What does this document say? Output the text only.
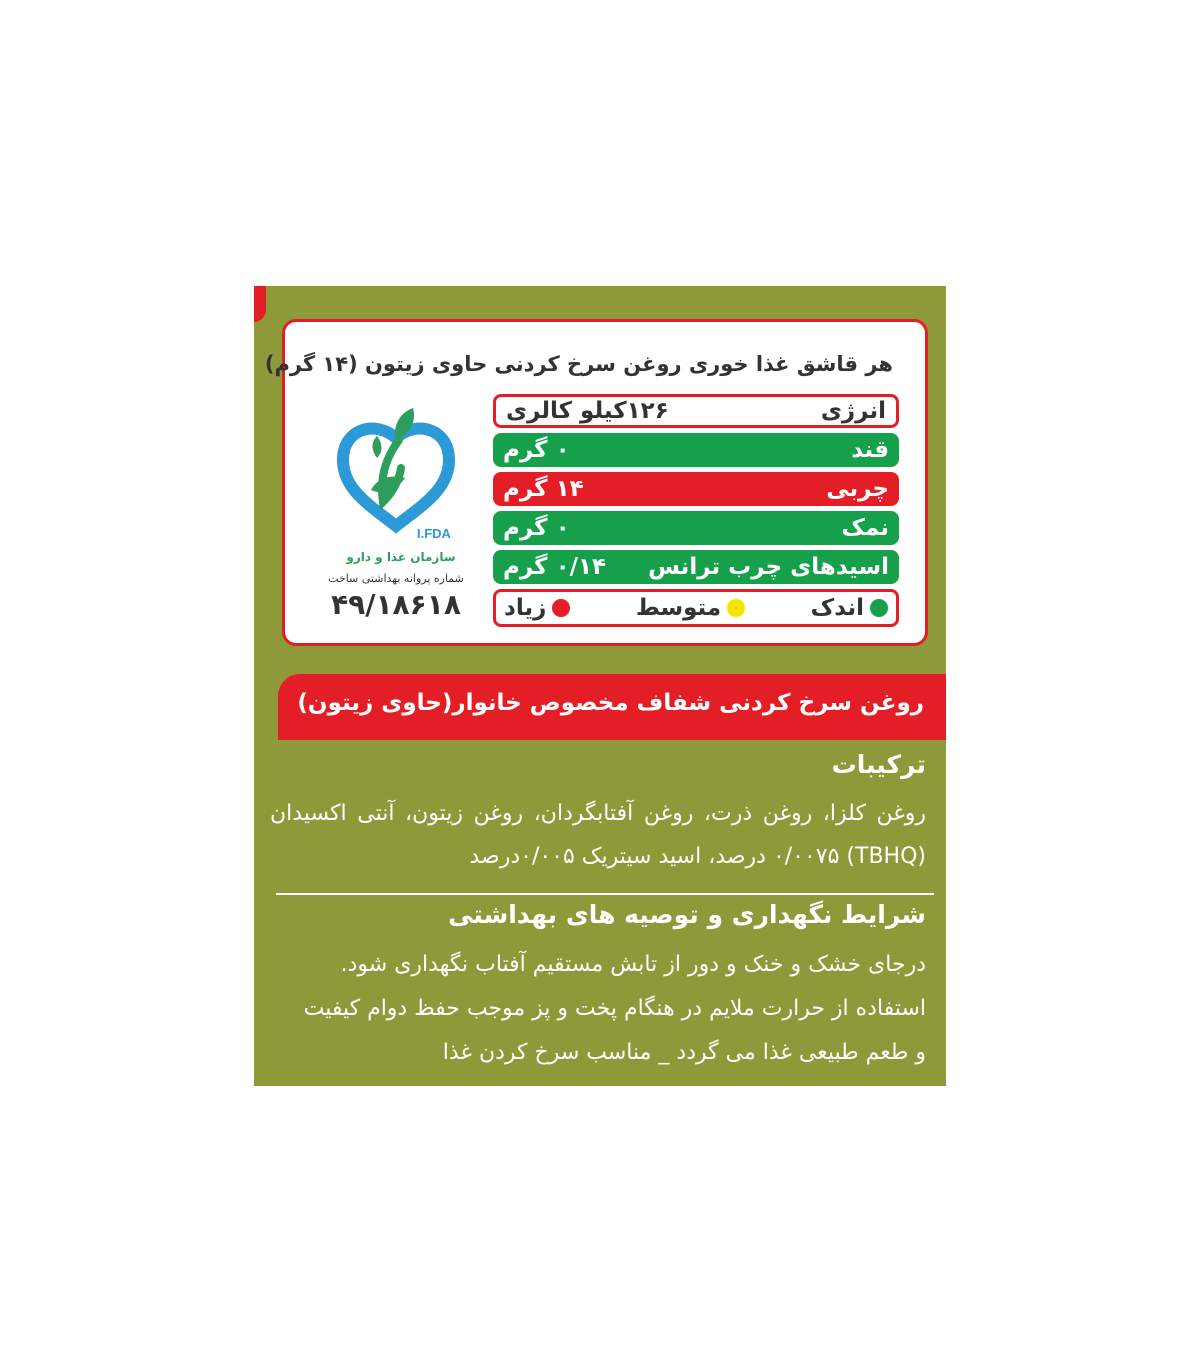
هر قاشق غذا خوری روغن سرخ کردنی حاوی زیتون (۱۴ گرم)
I.FDA
سازمان غذا و دارو
شماره پروانه بهداشتی ساخت
۴۹/۱۸۶۱۸
انرژی
۱۲۶کیلو کالری
قند
۰ گرم
چربی
۱۴ گرم
نمک
۰ گرم
اسیدهای چرب ترانس
۰/۱۴ گرم
اندک
متوسط
زیاد
روغن سرخ کردنی شفاف مخصوص خانوار(حاوی زیتون)
ترکیبات
روغن کلزا، روغن ذرت، روغن آفتابگردان، روغن زیتون، آنتی اکسیدان (TBHQ) ۰/۰۰۷۵ درصد، اسید سیتریک ۰/۰۰۵درصد
شرایط نگهداری و توصیه های بهداشتی
درجای خشک و خنک و دور از تابش مستقیم آفتاب نگهداری شود.
استفاده از حرارت ملایم در هنگام پخت و پز موجب حفظ دوام کیفیت
و طعم طبیعی غذا می گردد _ مناسب سرخ کردن غذا
